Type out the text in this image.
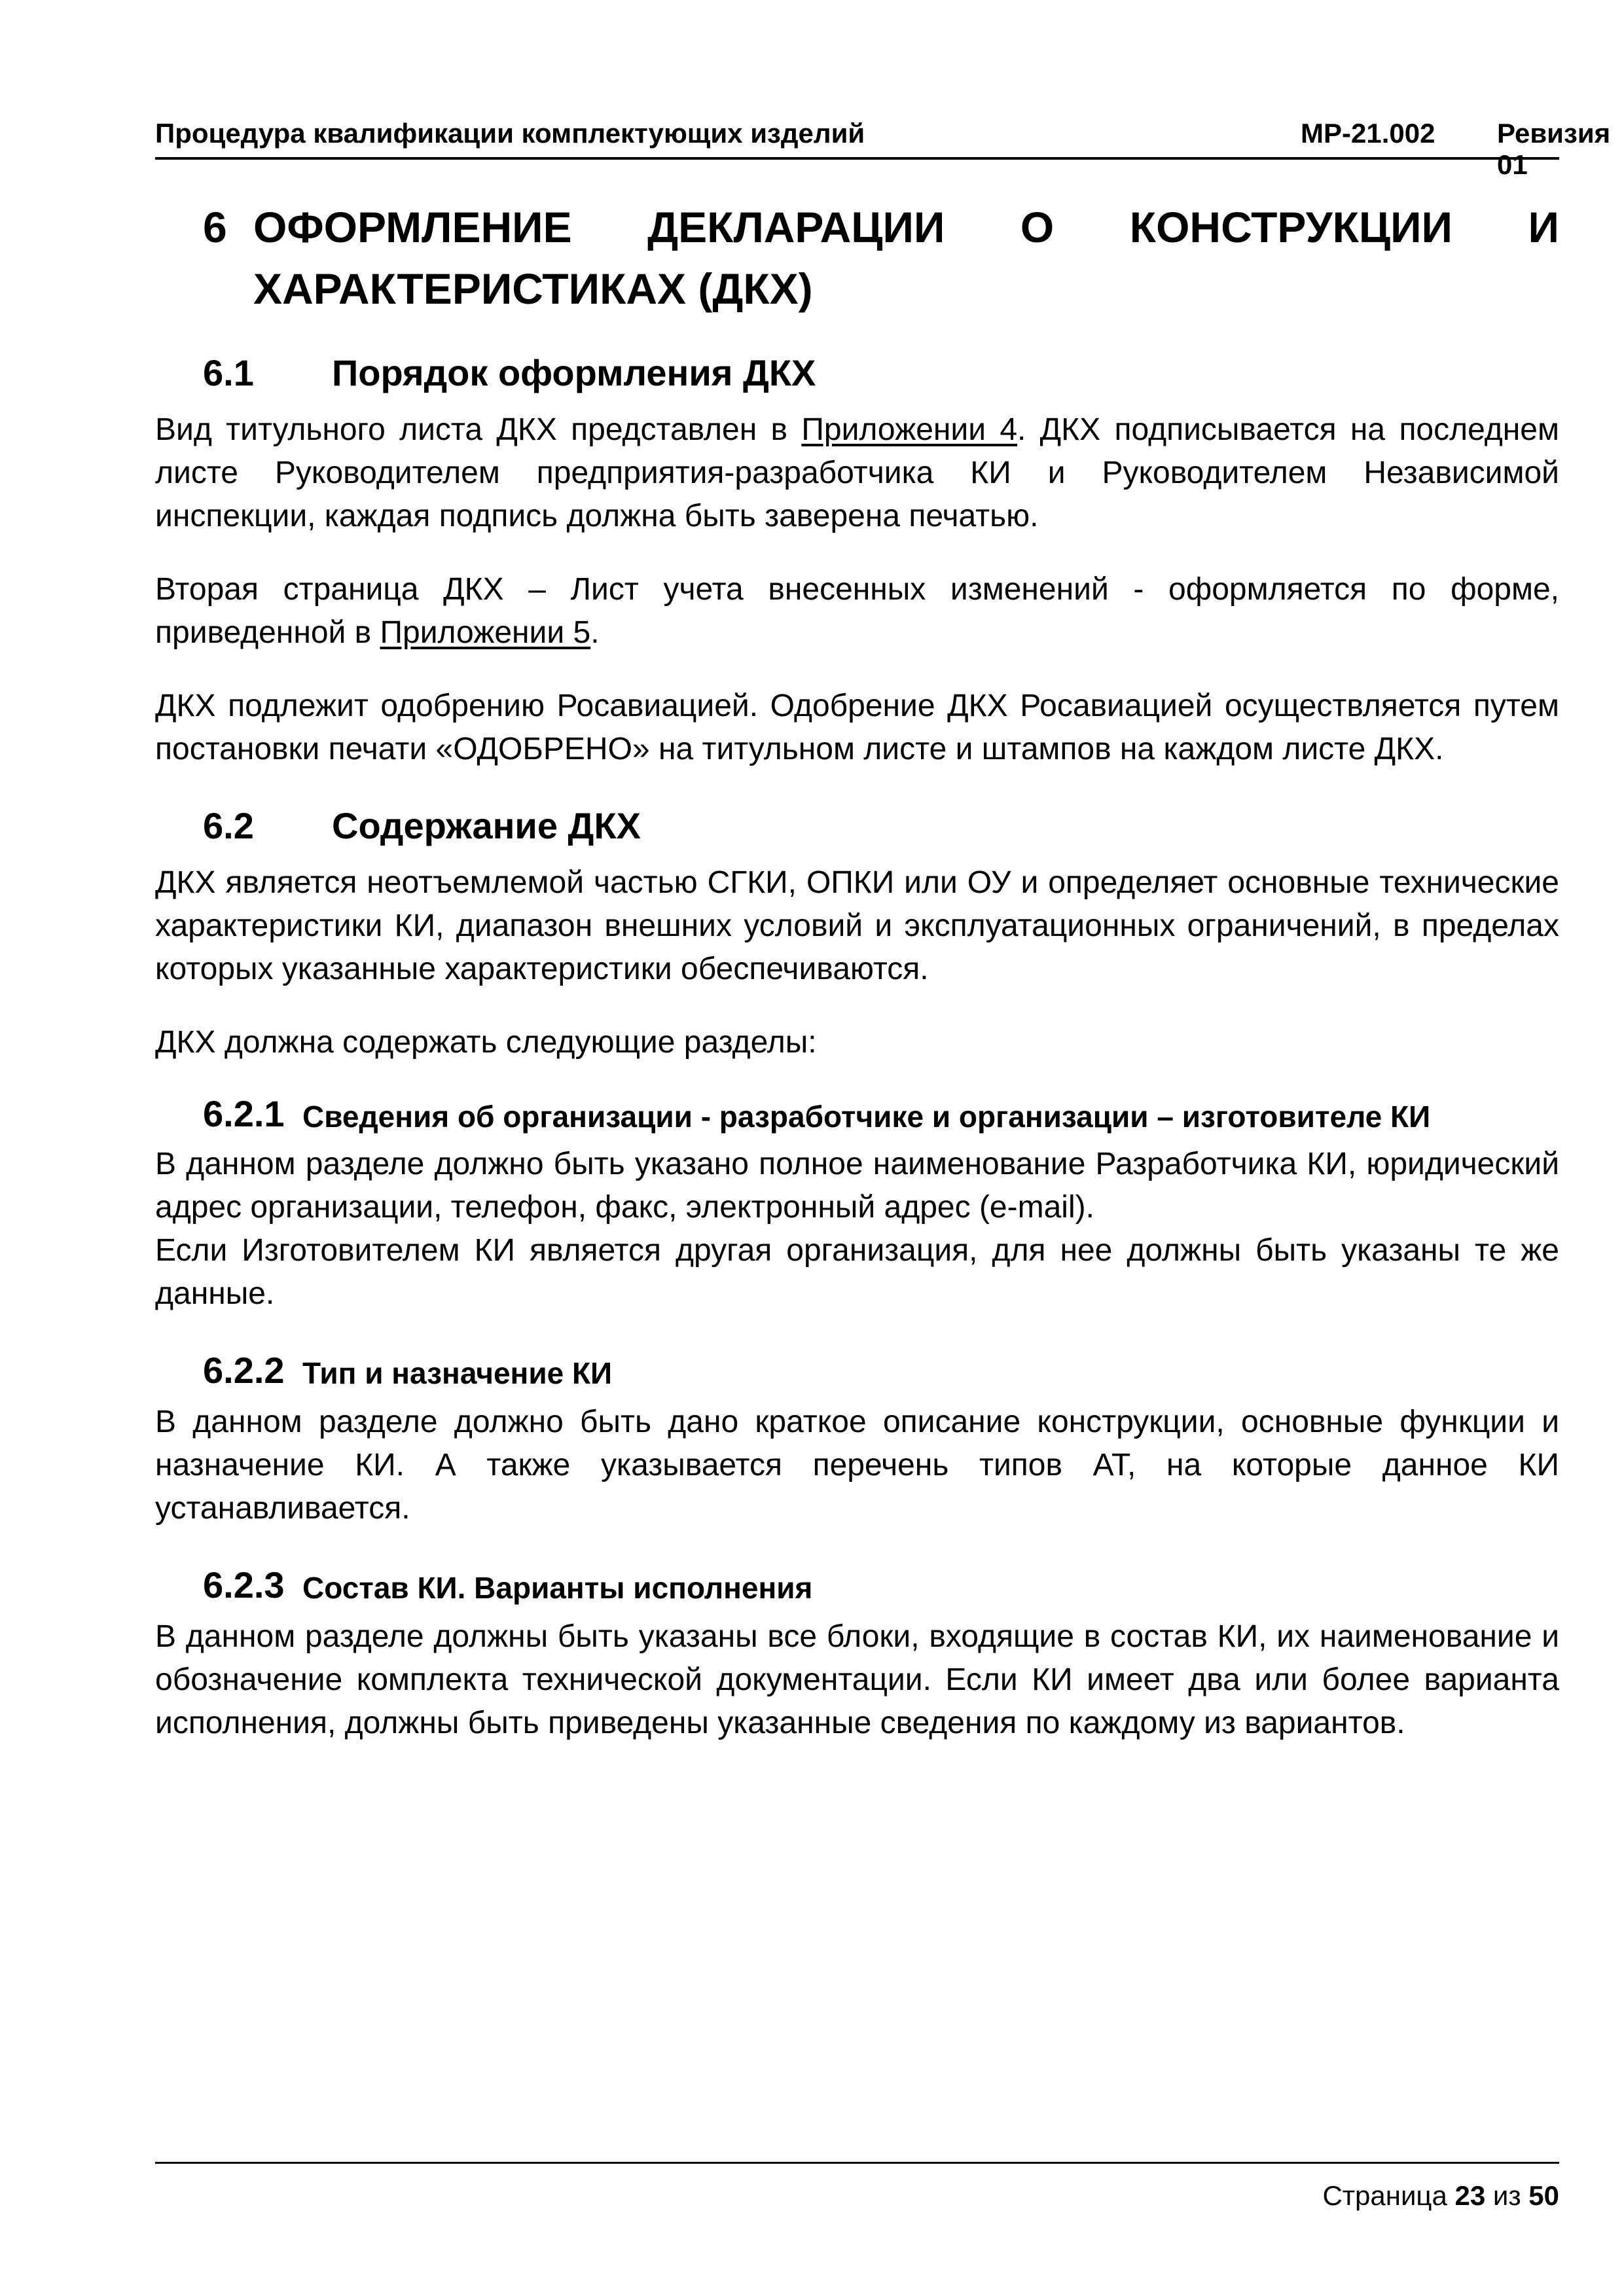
Процедура квалификации комплектующих изделий	МР-21.002 Ревизия 01
6 ОФОРМЛЕНИЕ ДЕКЛАРАЦИИ О КОНСТРУКЦИИ И
ХАРАКТЕРИСТИКАХ (ДКХ)
6.1 Порядок оформления ДКХ

Вид титульного листа ДКХ представлен в Приложении 4. ДКХ подписывается на последнем листе Руководителем предприятия-разработчика КИ и Руководителем Независимой инспекции, каждая подпись должна быть заверена печатью.

Вторая страница ДКХ – Лист учета внесенных изменений - оформляется по форме, приведенной в Приложении 5.

ДКХ подлежит одобрению Росавиацией. Одобрение ДКХ Росавиацией осуществляется путем постановки печати «ОДОБРЕНО» на титульном листе и штампов на каждом листе ДКХ.

6.2 Содержание ДКХ

ДКХ является неотъемлемой частью СГКИ, ОПКИ или ОУ и определяет основные технические характеристики КИ, диапазон внешних условий и эксплуатационных ограничений, в пределах которых указанные характеристики обеспечиваются.

ДКХ должна содержать следующие разделы:

6.2.1 Сведения об организации - разработчике и организации – изготовителе КИ

В данном разделе должно быть указано полное наименование Разработчика КИ, юридический адрес организации, телефон, факс, электронный адрес (e-mail).

Если Изготовителем КИ является другая организация, для нее должны быть указаны те же данные.

6.2.2 Тип и назначение КИ

В данном разделе должно быть дано краткое описание конструкции, основные функции и назначение КИ. А также указывается перечень типов АТ, на которые данное КИ устанавливается.

6.2.3 Состав КИ. Варианты исполнения

В данном разделе должны быть указаны все блоки, входящие в состав КИ, их наименование и обозначение комплекта технической документации. Если КИ имеет два или более варианта исполнения, должны быть приведены указанные сведения по каждому из вариантов.

Страница 23 из 50
